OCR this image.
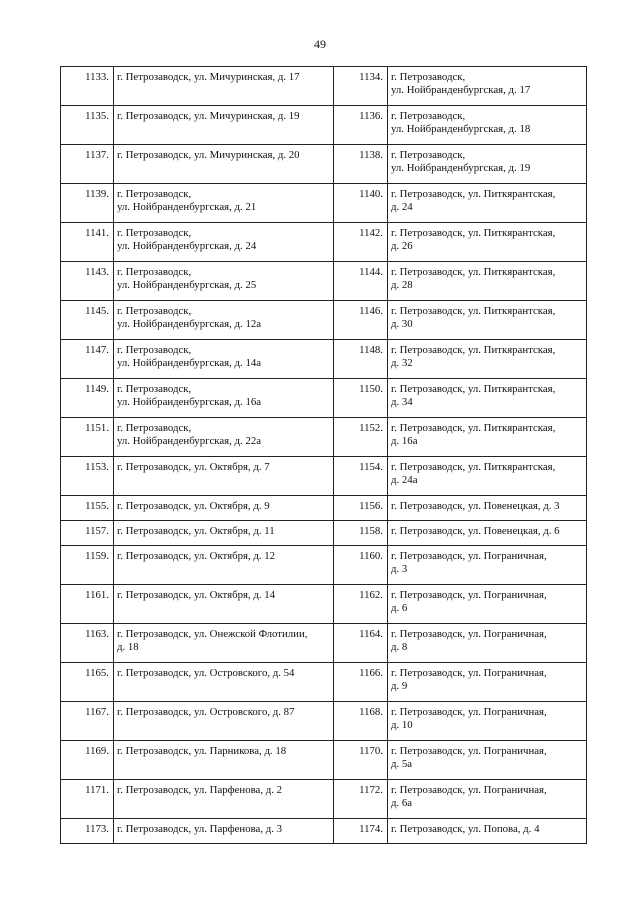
49
1133.	г. Петрозаводск, ул. Мичуринская, д. 17	1134.	г. Петрозаводск,
ул. Нойбранденбургская, д. 17
1135.	г. Петрозаводск, ул. Мичуринская, д. 19	1136.	г. Петрозаводск,
ул. Нойбранденбургская, д. 18
1137.	г. Петрозаводск, ул. Мичуринская, д. 20	1138.	г. Петрозаводск,
ул. Нойбранденбургская, д. 19
1139.	г. Петрозаводск,
ул. Нойбранденбургская, д. 21	1140.	г. Петрозаводск, ул. Питкярантская,
д. 24
1141.	г. Петрозаводск,
ул. Нойбранденбургская, д. 24	1142.	г. Петрозаводск, ул. Питкярантская,
д. 26
1143.	г. Петрозаводск,
ул. Нойбранденбургская, д. 25	1144.	г. Петрозаводск, ул. Питкярантская,
д. 28
1145.	г. Петрозаводск,
ул. Нойбранденбургская, д. 12а	1146.	г. Петрозаводск, ул. Питкярантская,
д. 30
1147.	г. Петрозаводск,
ул. Нойбранденбургская, д. 14а	1148.	г. Петрозаводск, ул. Питкярантская,
д. 32
1149.	г. Петрозаводск,
ул. Нойбранденбургская, д. 16а	1150.	г. Петрозаводск, ул. Питкярантская,
д. 34
1151.	г. Петрозаводск,
ул. Нойбранденбургская, д. 22а	1152.	г. Петрозаводск, ул. Питкярантская,
д. 16а
1153.	г. Петрозаводск, ул. Октября, д. 7	1154.	г. Петрозаводск, ул. Питкярантская,
д. 24а
1155.	г. Петрозаводск, ул. Октября, д. 9	1156.	г. Петрозаводск, ул. Повенецкая, д. 3
1157.	г. Петрозаводск, ул. Октября, д. 11	1158.	г. Петрозаводск, ул. Повенецкая, д. 6
1159.	г. Петрозаводск, ул. Октября, д. 12	1160.	г. Петрозаводск, ул. Пограничная,
д. 3
1161.	г. Петрозаводск, ул. Октября, д. 14	1162.	г. Петрозаводск, ул. Пограничная,
д. 6
1163.	г. Петрозаводск, ул. Онежской Флотилии,
д. 18	1164.	г. Петрозаводск, ул. Пограничная,
д. 8
1165.	г. Петрозаводск, ул. Островского, д. 54	1166.	г. Петрозаводск, ул. Пограничная,
д. 9
1167.	г. Петрозаводск, ул. Островского, д. 87	1168.	г. Петрозаводск, ул. Пограничная,
д. 10
1169.	г. Петрозаводск, ул. Парникова, д. 18	1170.	г. Петрозаводск, ул. Пограничная,
д. 5а
1171.	г. Петрозаводск, ул. Парфенова, д. 2	1172.	г. Петрозаводск, ул. Пограничная,
д. 6а
1173.	г. Петрозаводск, ул. Парфенова, д. 3	1174.	г. Петрозаводск, ул. Попова, д. 4
